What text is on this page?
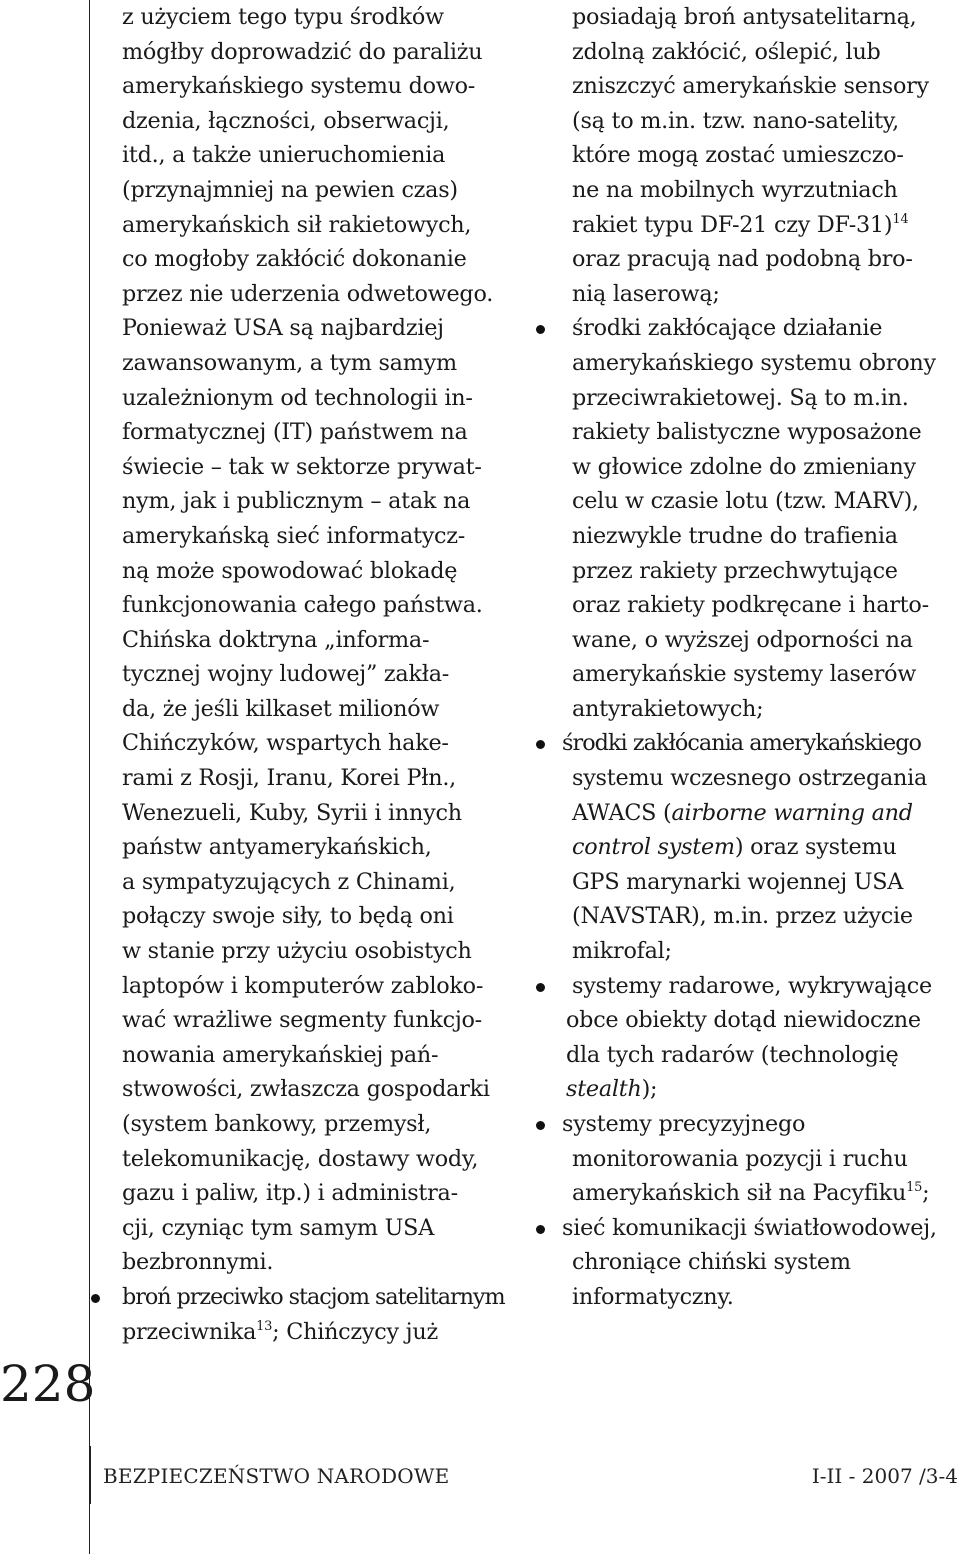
228
z użyciem tego typu środków
mógłby doprowadzić do paraliżu
amerykańskiego systemu dowo-
dzenia, łączności, obserwacji,
itd., a także unieruchomienia
(przynajmniej na pewien czas)
amerykańskich sił rakietowych,
co mogłoby zakłócić dokonanie
przez nie uderzenia odwetowego.
Ponieważ USA są najbardziej
zawansowanym, a tym samym
uzależnionym od technologii in-
formatycznej (IT) państwem na
świecie – tak w sektorze prywat-
nym, jak i publicznym – atak na
amerykańską sieć informatycz-
ną może spowodować blokadę
funkcjonowania całego państwa.
Chińska doktryna „informa-
tycznej wojny ludowej” zakła-
da, że jeśli kilkaset milionów
Chińczyków, wspartych hake-
rami z Rosji, Iranu, Korei Płn.,
Wenezueli, Kuby, Syrii i innych
państw antyamerykańskich,
a sympatyzujących z Chinami,
połączy swoje siły, to będą oni
w stanie przy użyciu osobistych
laptopów i komputerów zabloko-
wać wrażliwe segmenty funkcjo-
nowania amerykańskiej pań-
stwowości, zwłaszcza gospodarki
(system bankowy, przemysł,
telekomunikację, dostawy wody,
gazu i paliw, itp.) i administra-
cji, czyniąc tym samym USA
bezbronnymi.
broń przeciwko stacjom satelitarnym
przeciwnika$^{13}$; Chińczycy już
posiadają broń antysatelitarną,
zdolną zakłócić, oślepić, lub
zniszczyć amerykańskie sensory
(są to m.in. tzw. nano-satelity,
które mogą zostać umieszczo-
ne na mobilnych wyrzutniach
rakiet typu DF-21 czy DF-31)$^{14}$
oraz pracują nad podobną bro-
nią laserową;
środki zakłócające działanie
amerykańskiego systemu obrony
przeciwrakietowej. Są to m.in.
rakiety balistyczne wyposażone
w głowice zdolne do zmieniany
celu w czasie lotu (tzw. MARV),
niezwykle trudne do trafienia
przez rakiety przechwytujące
oraz rakiety podkręcane i harto-
wane, o wyższej odporności na
amerykańskie systemy laserów
antyrakietowych;
środki zakłócania amerykańskiego
systemu wczesnego ostrzegania
AWACS (airborne warning and
control system) oraz systemu
GPS marynarki wojennej USA
(NAVSTAR), m.in. przez użycie
mikrofal;
systemy radarowe, wykrywające
obce obiekty dotąd niewidoczne
dla tych radarów (technologię
stealth);
systemy precyzyjnego
monitorowania pozycji i ruchu
amerykańskich sił na Pacyfiku$^{15}$;
sieć komunikacji światłowodowej,
chroniące chiński system
informatyczny.
BEZPIECZEŃSTWO NARODOWE	I-II - 2007 /3-4
